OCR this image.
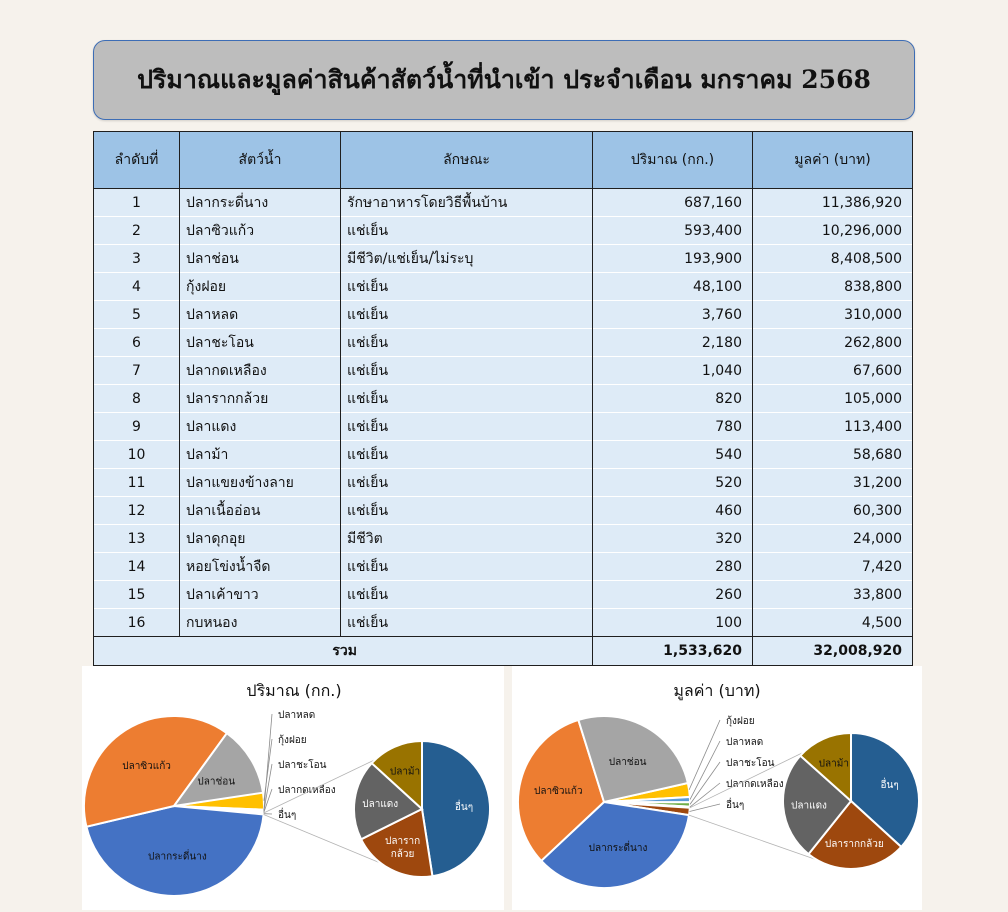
ปริมาณและมูลค่าสินค้าสัตว์น้ำที่นำเข้า ประจำเดือน มกราคม 2568
ลำดับที่	สัตว์น้ำ	ลักษณะ	ปริมาณ (กก.)	มูลค่า (บาท)
1	ปลากระดี่นาง	รักษาอาหารโดยวิธีพื้นบ้าน	687,160	11,386,920
2	ปลาซิวแก้ว	แช่เย็น	593,400	10,296,000
3	ปลาช่อน	มีชีวิต/แช่เย็น/ไม่ระบุ	193,900	8,408,500
4	กุ้งฝอย	แช่เย็น	48,100	838,800
5	ปลาหลด	แช่เย็น	3,760	310,000
6	ปลาชะโอน	แช่เย็น	2,180	262,800
7	ปลากดเหลือง	แช่เย็น	1,040	67,600
8	ปลารากกล้วย	แช่เย็น	820	105,000
9	ปลาแดง	แช่เย็น	780	113,400
10	ปลาม้า	แช่เย็น	540	58,680
11	ปลาแขยงข้างลาย	แช่เย็น	520	31,200
12	ปลาเนื้ออ่อน	แช่เย็น	460	60,300
13	ปลาดุกอุย	มีชีวิต	320	24,000
14	หอยโข่งน้ำจืด	แช่เย็น	280	7,420
15	ปลาเค้าขาว	แช่เย็น	260	33,800
16	กบหนอง	แช่เย็น	100	4,500
รวม			1,533,620	32,008,920
ปริมาณ (กก.)
ปลากระดี่นาง
ปลาซิวแก้ว
ปลาช่อน
ปลาหลด
กุ้งฝอย
ปลาชะโอน
ปลากดเหลือง
อื่นๆ
อื่นๆ
ปลาราก
กล้วย
ปลาแดง
ปลาม้า
มูลค่า (บาท)
ปลากระดี่นาง
ปลาซิวแก้ว
ปลาช่อน
กุ้งฝอย
ปลาหลด
ปลาชะโอน
ปลากดเหลือง
อื่นๆ
อื่นๆ
ปลารากกล้วย
ปลาแดง
ปลาม้า
